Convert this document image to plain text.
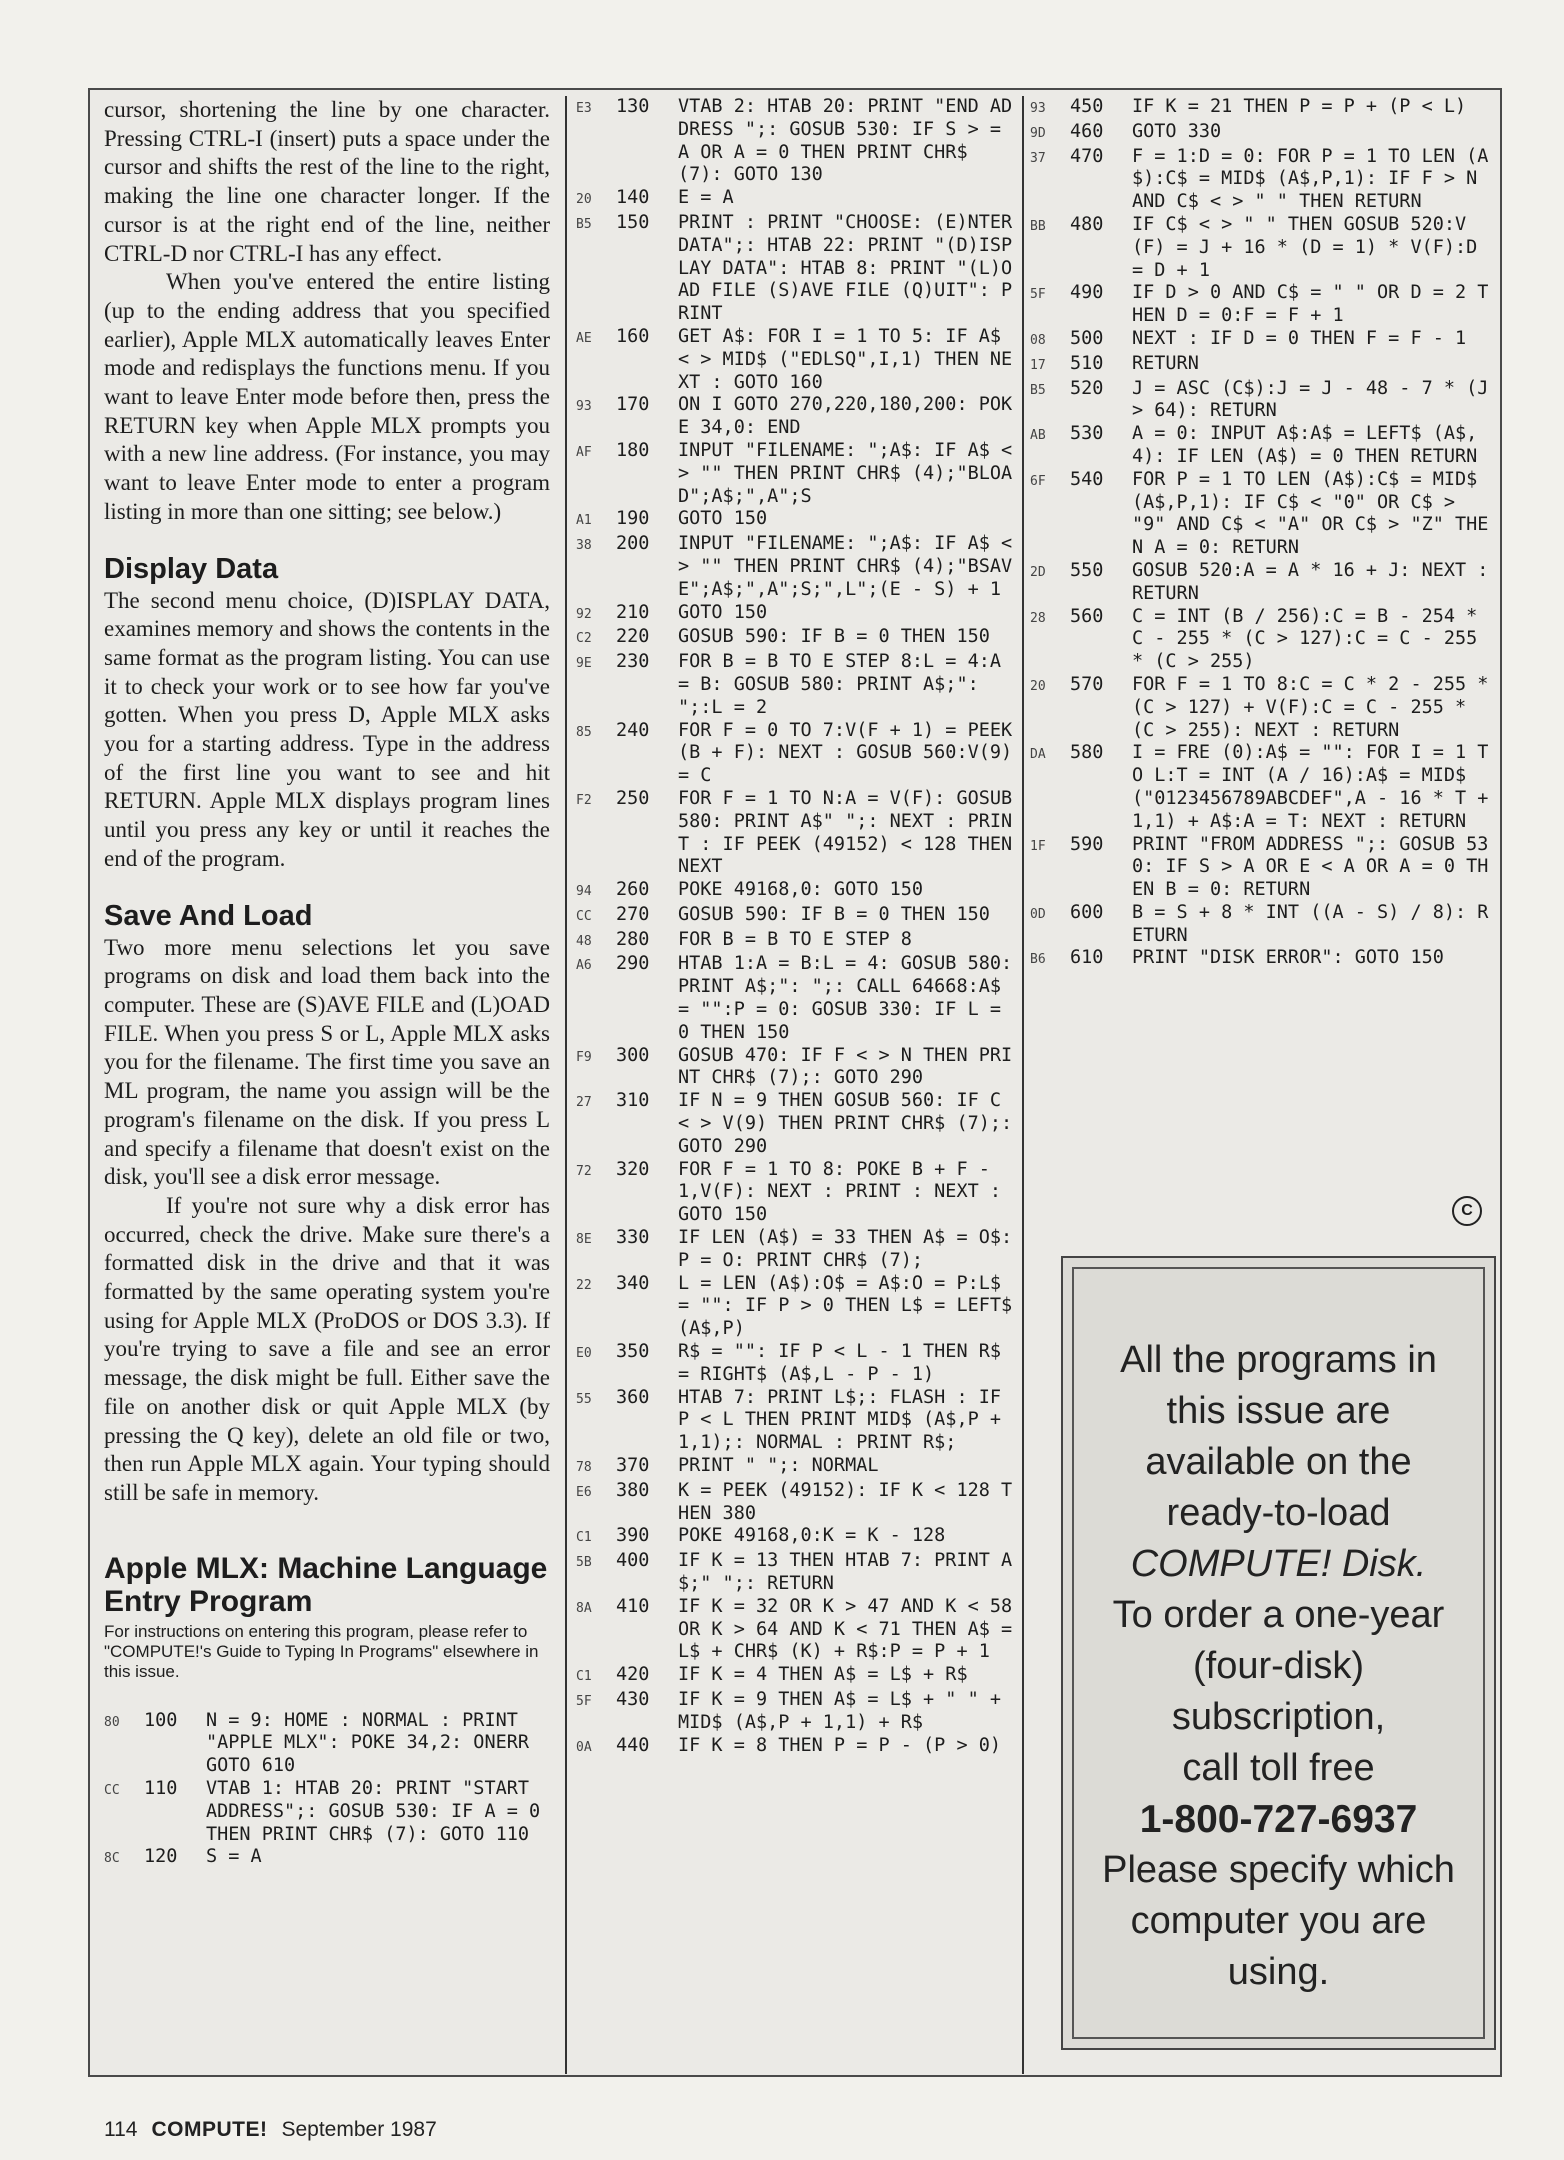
cursor, shortening the line by one character. Pressing CTRL-I (insert) puts a space under the cursor and shifts the rest of the line to the right, making the line one character longer. If the cursor is at the right end of the line, neither CTRL-D nor CTRL-I has any effect.

When you've entered the entire listing (up to the ending address that you specified earlier), Apple MLX automatically leaves Enter mode and redisplays the functions menu. If you want to leave Enter mode before then, press the RETURN key when Apple MLX prompts you with a new line address. (For instance, you may want to leave Enter mode to enter a program listing in more than one sitting; see below.)

Display Data

The second menu choice, (D)ISPLAY DATA, examines memory and shows the contents in the same format as the program listing. You can use it to check your work or to see how far you've gotten. When you press D, Apple MLX asks you for a starting address. Type in the address of the first line you want to see and hit RETURN. Apple MLX displays program lines until you press any key or until it reaches the end of the program.

Save And Load

Two more menu selections let you save programs on disk and load them back into the computer. These are (S)AVE FILE and (L)OAD FILE. When you press S or L, Apple MLX asks you for the filename. The first time you save an ML program, the name you assign will be the program's filename on the disk. If you press L and specify a filename that doesn't exist on the disk, you'll see a disk error message.

If you're not sure why a disk error has occurred, check the drive. Make sure there's a formatted disk in the drive and that it was formatted by the same operating system you're using for Apple MLX (ProDOS or DOS 3.3). If you're trying to save a file and see an error message, the disk might be full. Either save the file on another disk or quit Apple MLX (by pressing the Q key), delete an old file or two, then run Apple MLX again. Your typing should still be safe in memory.

Apple MLX: Machine Language Entry Program
For instructions on entering this program, please refer to "COMPUTE!'s Guide to Typing In Programs" elsewhere in this issue.
80	100	N = 9: HOME : NORMAL : PRINT "APPLE MLX": POKE 34,2: ONERR GOTO 610
CC	110	VTAB 1: HTAB 20: PRINT "START ADDRESS";: GOSUB 530: IF A = 0 THEN PRINT CHR$ (7): GOTO 110
8C	120	S = A
E3	130	VTAB 2: HTAB 20: PRINT "END ADDRESS ";: GOSUB 530: IF S > = A OR A = 0 THEN PRINT CHR$ (7): GOTO 130
20	140	E = A
B5	150	PRINT : PRINT "CHOOSE: (E)NTER DATA";: HTAB 22: PRINT "(D)ISPLAY DATA": HTAB 8: PRINT "(L)OAD FILE (S)AVE FILE (Q)UIT": PRINT
AE	160	GET A$: FOR I = 1 TO 5: IF A$ < > MID$ ("EDLSQ",I,1) THEN NEXT : GOTO 160
93	170	ON I GOTO 270,220,180,200: POKE 34,0: END
AF	180	INPUT "FILENAME: ";A$: IF A$ < > "" THEN PRINT CHR$ (4);"BLOAD";A$;",A";S
A1	190	GOTO 150
38	200	INPUT "FILENAME: ";A$: IF A$ < > "" THEN PRINT CHR$ (4);"BSAVE";A$;",A";S;",L";(E - S) + 1
92	210	GOTO 150
C2	220	GOSUB 590: IF B = 0 THEN 150
9E	230	FOR B = B TO E STEP 8:L = 4:A = B: GOSUB 580: PRINT A$;": ";:L = 2
85	240	FOR F = 0 TO 7:V(F + 1) = PEEK (B + F): NEXT : GOSUB 560:V(9) = C
F2	250	FOR F = 1 TO N:A = V(F): GOSUB 580: PRINT A$" ";: NEXT : PRINT : IF PEEK (49152) < 128 THEN NEXT
94	260	POKE 49168,0: GOTO 150
CC	270	GOSUB 590: IF B = 0 THEN 150
48	280	FOR B = B TO E STEP 8
A6	290	HTAB 1:A = B:L = 4: GOSUB 580: PRINT A$;": ";: CALL 64668:A$ = "":P = 0: GOSUB 330: IF L = 0 THEN 150
F9	300	GOSUB 470: IF F < > N THEN PRINT CHR$ (7);: GOTO 290
27	310	IF N = 9 THEN GOSUB 560: IF C < > V(9) THEN PRINT CHR$ (7);: GOTO 290
72	320	FOR F = 1 TO 8: POKE B + F - 1,V(F): NEXT : PRINT : NEXT : GOTO 150
8E	330	IF LEN (A$) = 33 THEN A$ = O$:P = O: PRINT CHR$ (7);
22	340	L = LEN (A$):O$ = A$:O = P:L$ = "": IF P > 0 THEN L$ = LEFT$ (A$,P)
E0	350	R$ = "": IF P < L - 1 THEN R$ = RIGHT$ (A$,L - P - 1)
55	360	HTAB 7: PRINT L$;: FLASH : IF P < L THEN PRINT MID$ (A$,P + 1,1);: NORMAL : PRINT R$;
78	370	PRINT " ";: NORMAL
E6	380	K = PEEK (49152): IF K < 128 THEN 380
C1	390	POKE 49168,0:K = K - 128
5B	400	IF K = 13 THEN HTAB 7: PRINT A$;" ";: RETURN
8A	410	IF K = 32 OR K > 47 AND K < 58 OR K > 64 AND K < 71 THEN A$ = L$ + CHR$ (K) + R$:P = P + 1
C1	420	IF K = 4 THEN A$ = L$ + R$
5F	430	IF K = 9 THEN A$ = L$ + " " + MID$ (A$,P + 1,1) + R$
0A	440	IF K = 8 THEN P = P - (P > 0)
93	450	IF K = 21 THEN P = P + (P < L)
9D	460	GOTO 330
37	470	F = 1:D = 0: FOR P = 1 TO LEN (A$):C$ = MID$ (A$,P,1): IF F > N AND C$ < > " " THEN RETURN
BB	480	IF C$ < > " " THEN GOSUB 520:V(F) = J + 16 * (D = 1) * V(F):D = D + 1
5F	490	IF D > 0 AND C$ = " " OR D = 2 THEN D = 0:F = F + 1
08	500	NEXT : IF D = 0 THEN F = F - 1
17	510	RETURN
B5	520	J = ASC (C$):J = J - 48 - 7 * (J > 64): RETURN
AB	530	A = 0: INPUT A$:A$ = LEFT$ (A$,4): IF LEN (A$) = 0 THEN RETURN
6F	540	FOR P = 1 TO LEN (A$):C$ = MID$ (A$,P,1): IF C$ < "0" OR C$ > "9" AND C$ < "A" OR C$ > "Z" THEN A = 0: RETURN
2D	550	GOSUB 520:A = A * 16 + J: NEXT : RETURN
28	560	C = INT (B / 256):C = B - 254 * C - 255 * (C > 127):C = C - 255 * (C > 255)
20	570	FOR F = 1 TO 8:C = C * 2 - 255 * (C > 127) + V(F):C = C - 255 * (C > 255): NEXT : RETURN
DA	580	I = FRE (0):A$ = "": FOR I = 1 TO L:T = INT (A / 16):A$ = MID$ ("0123456789ABCDEF",A - 16 * T + 1,1) + A$:A = T: NEXT : RETURN
1F	590	PRINT "FROM ADDRESS ";: GOSUB 530: IF S > A OR E < A OR A = 0 THEN B = 0: RETURN
0D	600	B = S + 8 * INT ((A - S) / 8): RETURN
B6	610	PRINT "DISK ERROR": GOTO 150
C
All the programs in
this issue are
available on the
ready-to-load
COMPUTE! Disk.
To order a one-year
(four-disk)
subscription,
call toll free
1-800-727-6937
Please specify which
computer you are
using.
114 COMPUTE! September 1987
